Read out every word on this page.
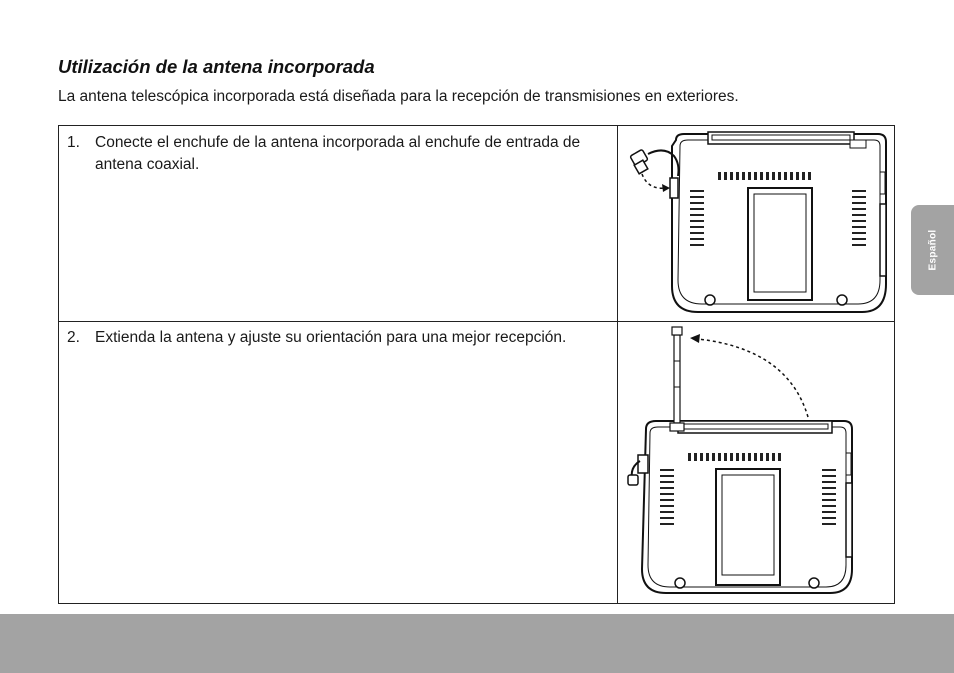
Utilización de la antena incorporada
La antena telescópica incorporada está diseñada para la recepción de transmisiones en exteriores.
1. Conecte el enchufe de la antena incorporada al enchufe de entrada de antena coaxial.
2. Extienda la antena y ajuste su orientación para una mejor recepción.
Español
